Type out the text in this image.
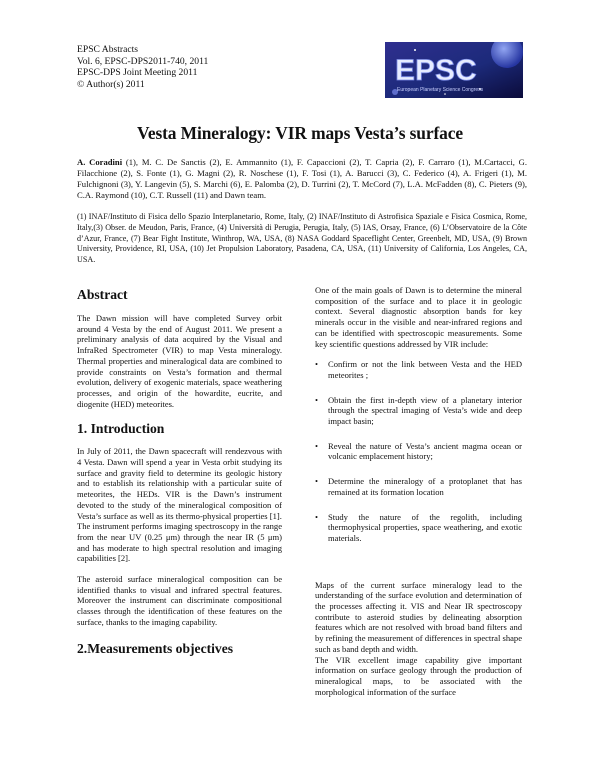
EPSC Abstracts
Vol. 6, EPSC-DPS2011-740, 2011
EPSC-DPS Joint Meeting 2011
© Author(s) 2011	EPSC
European Planetary Science Congress
Vesta Mineralogy: VIR maps Vesta’s surface
A. Coradini (1), M. C. De Sanctis (2), E. Ammannito (1), F. Capaccioni (2), T. Capria (2), F. Carraro (1), M.Cartacci, G. Filacchione (2), S. Fonte (1), G. Magni (2), R. Noschese (1), F. Tosi (1), A. Barucci (3), C. Federico (4), A. Frigeri (1), M. Fulchignoni (3), Y. Langevin (5), S. Marchi (6), E. Palomba (2), D. Turrini (2), T. McCord (7), L.A. McFadden (8), C. Pieters (9), C.A. Raymond (10), C.T. Russell (11) and Dawn team.
(1) INAF/Instituto di Fisica dello Spazio Interplanetario, Rome, Italy, (2) INAF/Instituto di Astrofisica Spaziale e Fisica Cosmica, Rome, Italy,(3) Obser. de Meudon, Paris, France, (4) Università di Perugia, Perugia, Italy, (5) IAS, Orsay, France, (6) L’Observatoire de la Côte d’Azur, France, (7) Bear Fight Institute, Winthrop, WA, USA, (8) NASA Goddard Spaceflight Center, Greenbelt, MD, USA, (9) Brown University, Providence, RI, USA, (10) Jet Propulsion Laboratory, Pasadena, CA, USA, (11) University of California, Los Angeles, CA, USA.
Abstract

The Dawn mission will have completed Survey orbit around 4 Vesta by the end of August 2011. We present a preliminary analysis of data acquired by the Visual and InfraRed Spectrometer (VIR) to map Vesta mineralogy. Thermal properties and mineralogical data are combined to provide constraints on Vesta’s formation and thermal evolution, delivery of exogenic materials, space weathering processes, and origin of the howardite, eucrite, and diogenite (HED) meteorites.

1. Introduction

In July of 2011, the Dawn spacecraft will rendezvous with 4 Vesta. Dawn will spend a year in Vesta orbit studying its surface and gravity field to determine its geologic history and to establish its relationship with a particular suite of meteorites, the HEDs. VIR is the Dawn’s instrument devoted to the study of the mineralogical composition of Vesta’s surface as well as its thermo-physical properties [1].

The instrument performs imaging spectroscopy in the range from the near UV (0.25 μm) through the near IR (5 μm) and has moderate to high spectral resolution and imaging capabilities [2].

The asteroid surface mineralogical composition can be identified thanks to visual and infrared spectral features. Moreover the instrument can discriminate compositional classes through the identification of these features on the surface, thanks to the imaging capability.

2.Measurements objectives

One of the main goals of Dawn is to determine the mineral composition of the surface and to place it in geologic context. Several diagnostic absorption bands for key minerals occur in the visible and near-infrared regions and can be identified with spectroscopic measurements. Some key scientific questions addressed by VIR include:

• Confirm or not the link between Vesta and the HED meteorites ;
• Obtain the first in-depth view of a planetary interior through the spectral imaging of Vesta’s wide and deep impact basin;
• Reveal the nature of Vesta’s ancient magma ocean or volcanic emplacement history;
• Determine the mineralogy of a protoplanet that has remained at its formation location
• Study the nature of the regolith, including thermophysical properties, space weathering, and exotic materials.

Maps of the current surface mineralogy lead to the understanding of the surface evolution and determination of the processes affecting it. VIS and Near IR spectroscopy contribute to asteroid studies by delineating absorption features which are not resolved with broad band filters and by refining the measurement of differences in spectral shape such as band depth and width.

The VIR excellent image capability give important information on surface geology through the production of mineralogical maps, to be associated with the morphological information of the surface
